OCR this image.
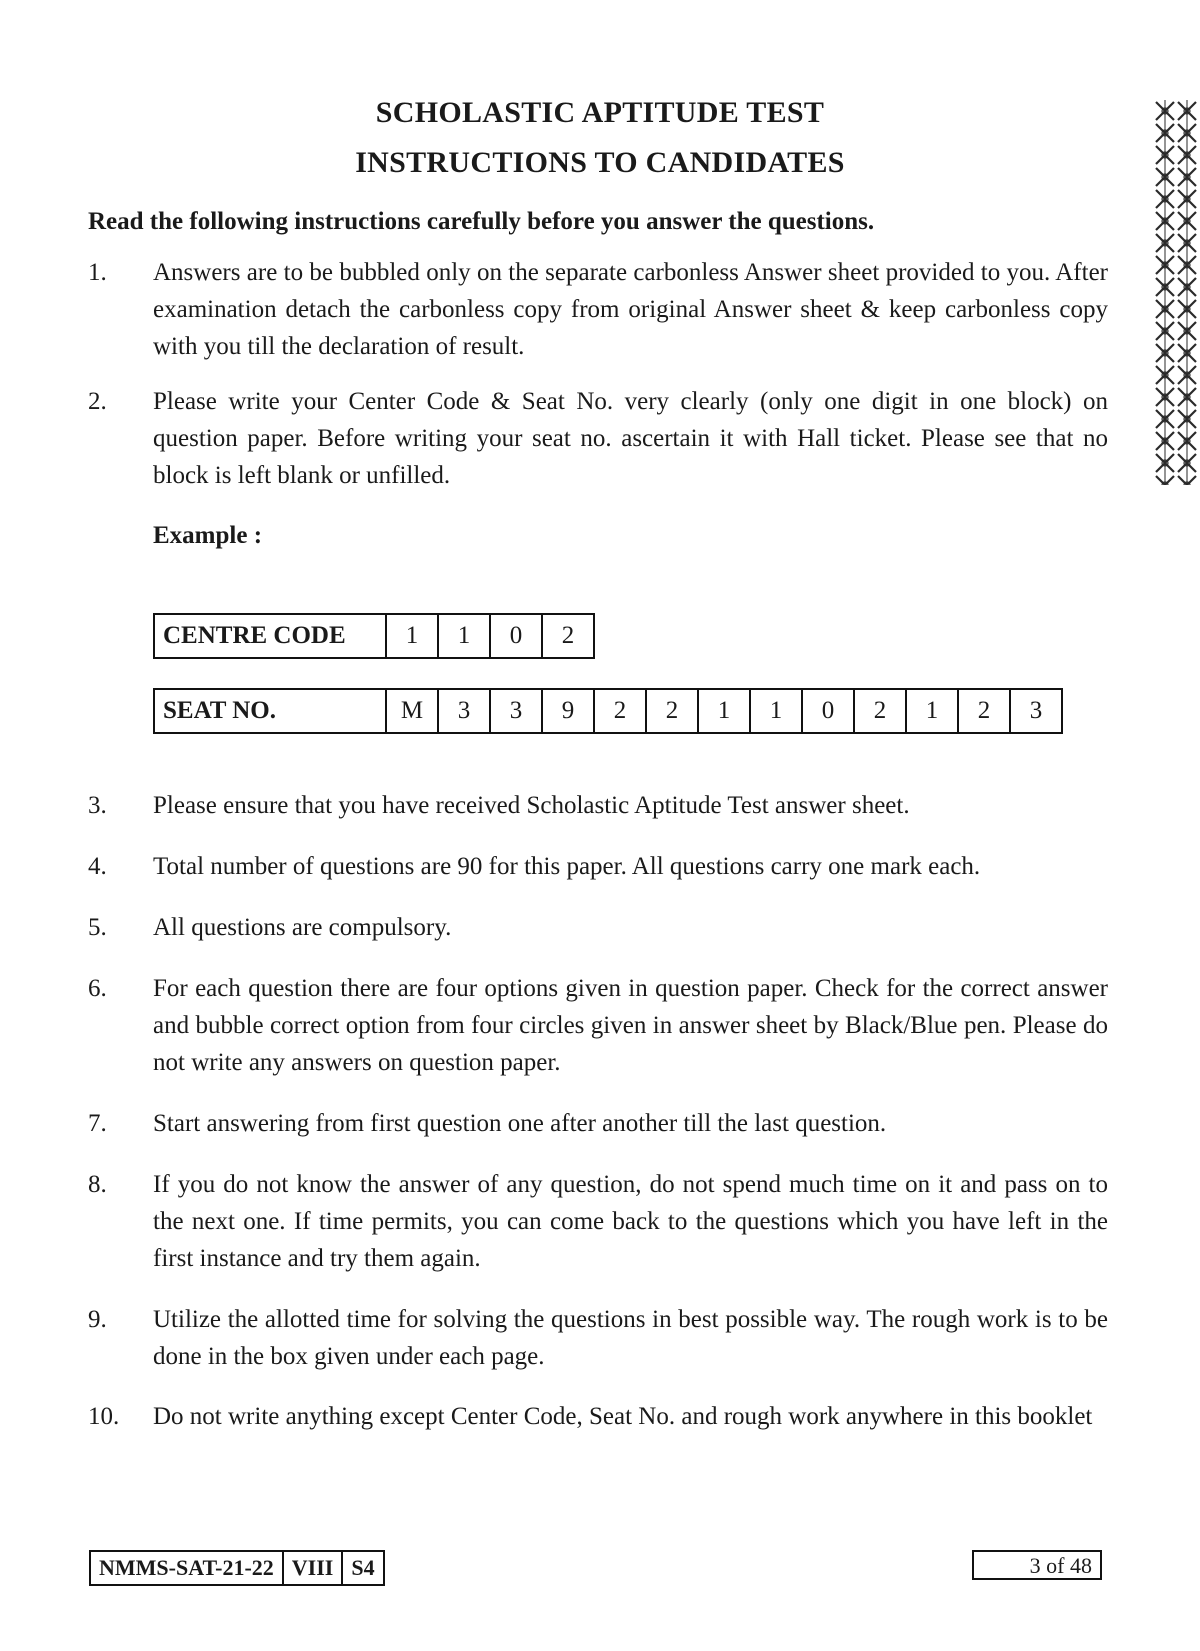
SCHOLASTIC APTITUDE TEST
INSTRUCTIONS TO CANDIDATES
Read the following instructions carefully before you answer the questions.
1. Answers are to be bubbled only on the separate carbonless Answer sheet provided to you. After examination detach the carbonless copy from original Answer sheet & keep carbonless copy with you till the declaration of result.
2. Please write your Center Code & Seat No. very clearly (only one digit in one block) on question paper. Before writing your seat no. ascertain it with Hall ticket. Please see that no block is left blank or unfilled.
Example :
CENTRE CODE	1	1	0	2
SEAT NO.	M	3	3	9	2	2	1	1	0	2	1	2	3
3. Please ensure that you have received Scholastic Aptitude Test answer sheet.
4. Total number of questions are 90 for this paper. All questions carry one mark each.
5. All questions are compulsory.
6. For each question there are four options given in question paper. Check for the correct answer and bubble correct option from four circles given in answer sheet by Black/Blue pen. Please do not write any answers on question paper.
7. Start answering from first question one after another till the last question.
8. If you do not know the answer of any question, do not spend much time on it and pass on to the next one. If time permits, you can come back to the questions which you have left in the first instance and try them again.
9. Utilize the allotted time for solving the questions in best possible way. The rough work is to be done in the box given under each page.
10. Do not write anything except Center Code, Seat No. and rough work anywhere in this booklet
NMMS-SAT-21-22	VIII	S4	3 of 48
